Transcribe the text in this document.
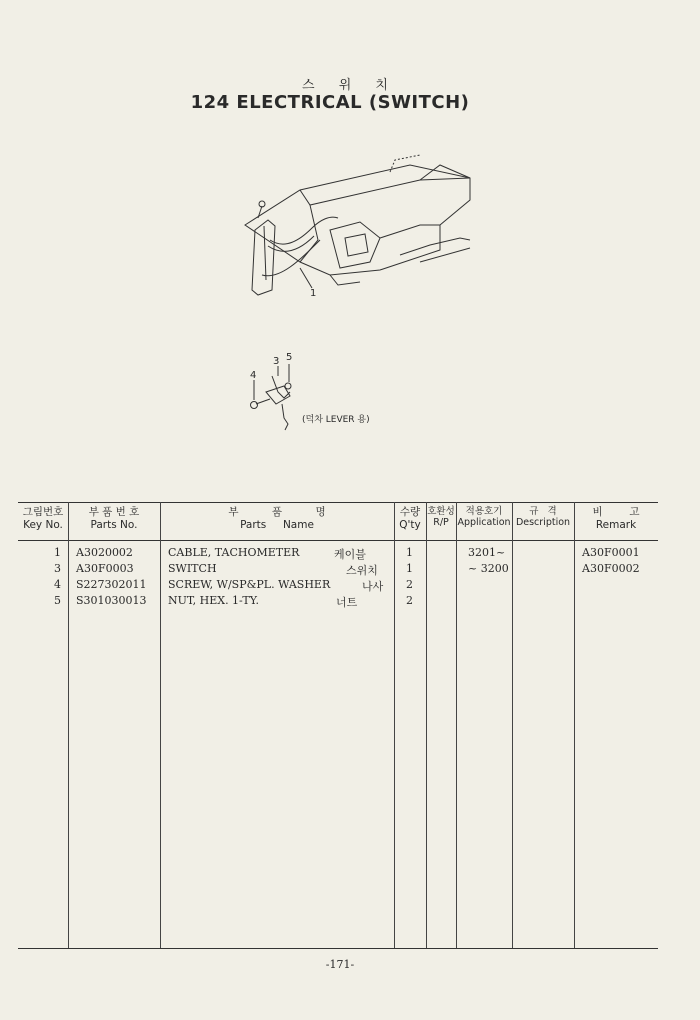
스 위 치
124 ELECTRICAL (SWITCH)
1
3
4
5
(덕차 LEVER 용)
그림번호
Key No.
부 품 번 호
Parts No.
부          품          명
Parts     Name
수량
Q'ty
호환성
R/P
적용호기
Application
규   격
Description
비        고
Remark
1 A3020002	CABLE, TACHOMETER	케이블	1	3201~	A30F0001
3 A30F0003	SWITCH	스위치	1	~ 3200	A30F0002
4 S227302011 SCREW, W/SP&PL. WASHER	나사 2
5 S301030013 NUT, HEX. 1-TY.	너트	2
-171-
